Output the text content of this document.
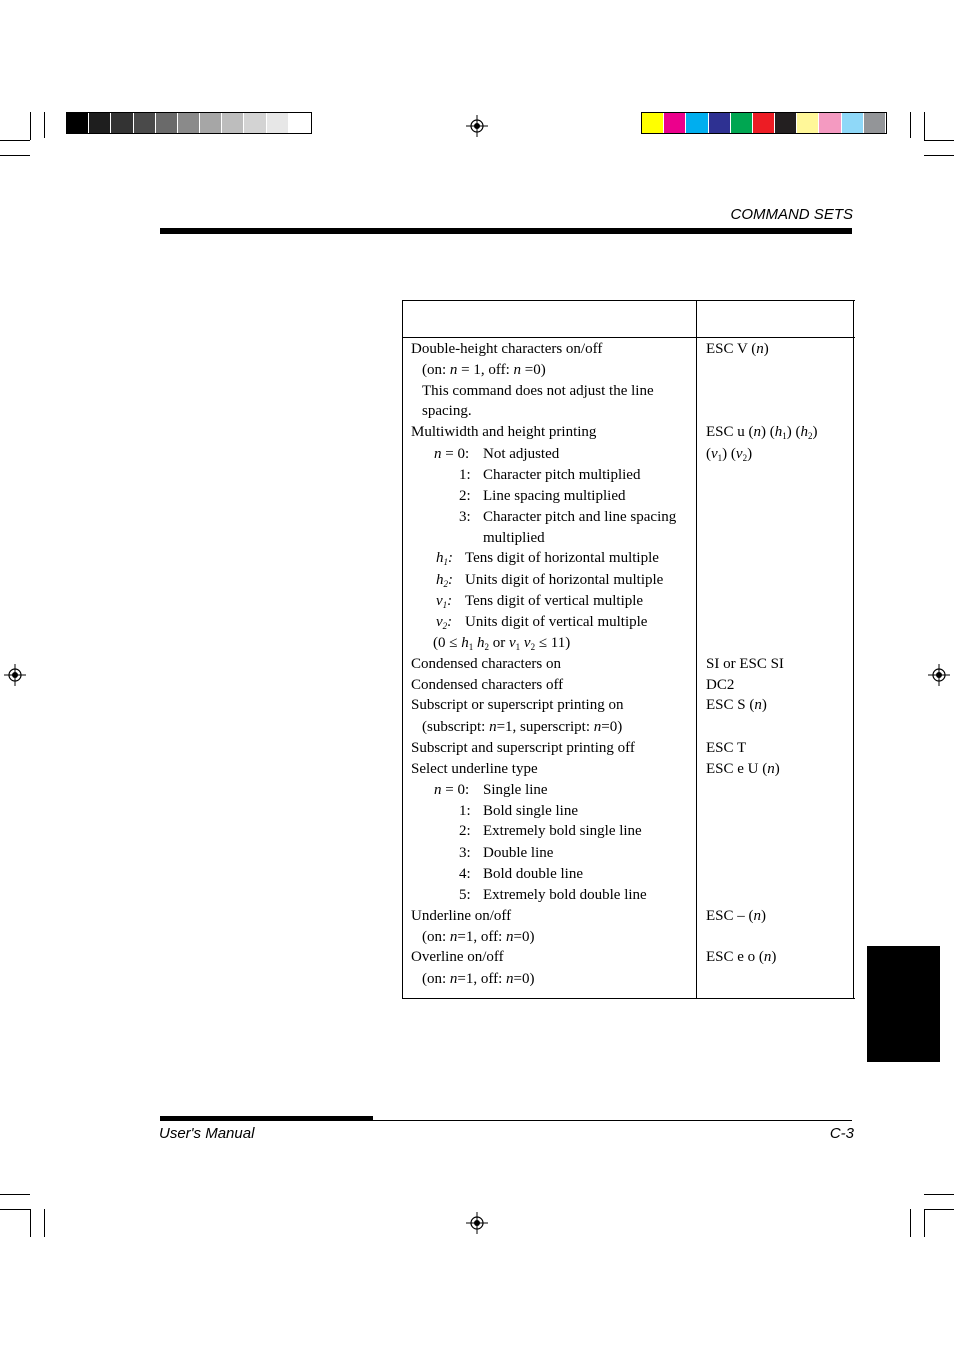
COMMAND SETS
Double-height characters on/off	ESC V (n)
(on: n = 1, off: n =0)
This command does not adjust the line
spacing.
Multiwidth and height printing	ESC u (n) $(h_1)$ $(h_2)$
n = 0: Not adjusted	$(v_1)$ $(v_2)$
1: Character pitch multiplied
2: Line spacing multiplied
3: Character pitch and line spacing
multiplied
$h_1$: Tens digit of horizontal multiple
$h_2$: Units digit of horizontal multiple
$v_1$: Tens digit of vertical multiple
$v_2$: Units digit of vertical multiple
($0 \le h_1$ $h_2$ or $v_1$ $v_2 \le 11$)
Condensed characters on	SI or ESC SI
Condensed characters off	DC2
Subscript or superscript printing on	ESC S (n)
(subscript: n=1, superscript: n=0)
Subscript and superscript printing off	ESC T
Select underline type	ESC e U (n)
n = 0: Single line
1: Bold single line
2: Extremely bold single line
3: Double line
4: Bold double line
5: Extremely bold double line
Underline on/off	ESC – (n)
(on: n=1, off: n=0)
Overline on/off	ESC e o (n)
(on: n=1, off: n=0)
User's Manual	C-3
